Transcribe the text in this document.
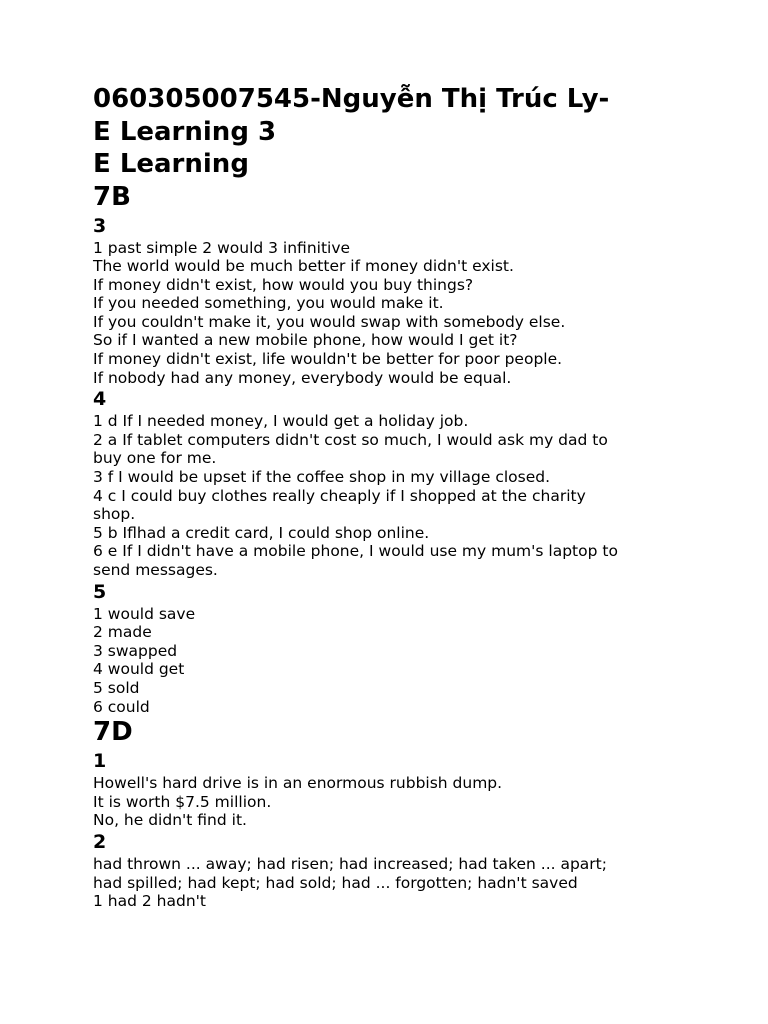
060305007545-Nguyễn Thị Trúc Ly-
E Learning 3
E Learning
7B
3

1 past simple 2 would 3 infinitive

The world would be much better if money didn't exist.

If money didn't exist, how would you buy things?

If you needed something, you would make it.

If you couldn't make it, you would swap with somebody else.

So if I wanted a new mobile phone, how would I get it?

If money didn't exist, life wouldn't be better for poor people.

If nobody had any money, everybody would be equal.

4

1 d If I needed money, I would get a holiday job.

2 a If tablet computers didn't cost so much, I would ask my dad to

buy one for me.

3 f I would be upset if the coffee shop in my village closed.

4 c I could buy clothes really cheaply if I shopped at the charity

shop.

5 b Iflhad a credit card, I could shop online.

6 e If I didn't have a mobile phone, I would use my mum's laptop to

send messages.

5

1 would save

2 made

3 swapped

4 would get

5 sold

6 could

7D
1

Howell's hard drive is in an enormous rubbish dump.

It is worth $7.5 million.

No, he didn't find it.

2

had thrown ... away; had risen; had increased; had taken ... apart;

had spilled; had kept; had sold; had ... forgotten; hadn't saved

1 had 2 hadn't
